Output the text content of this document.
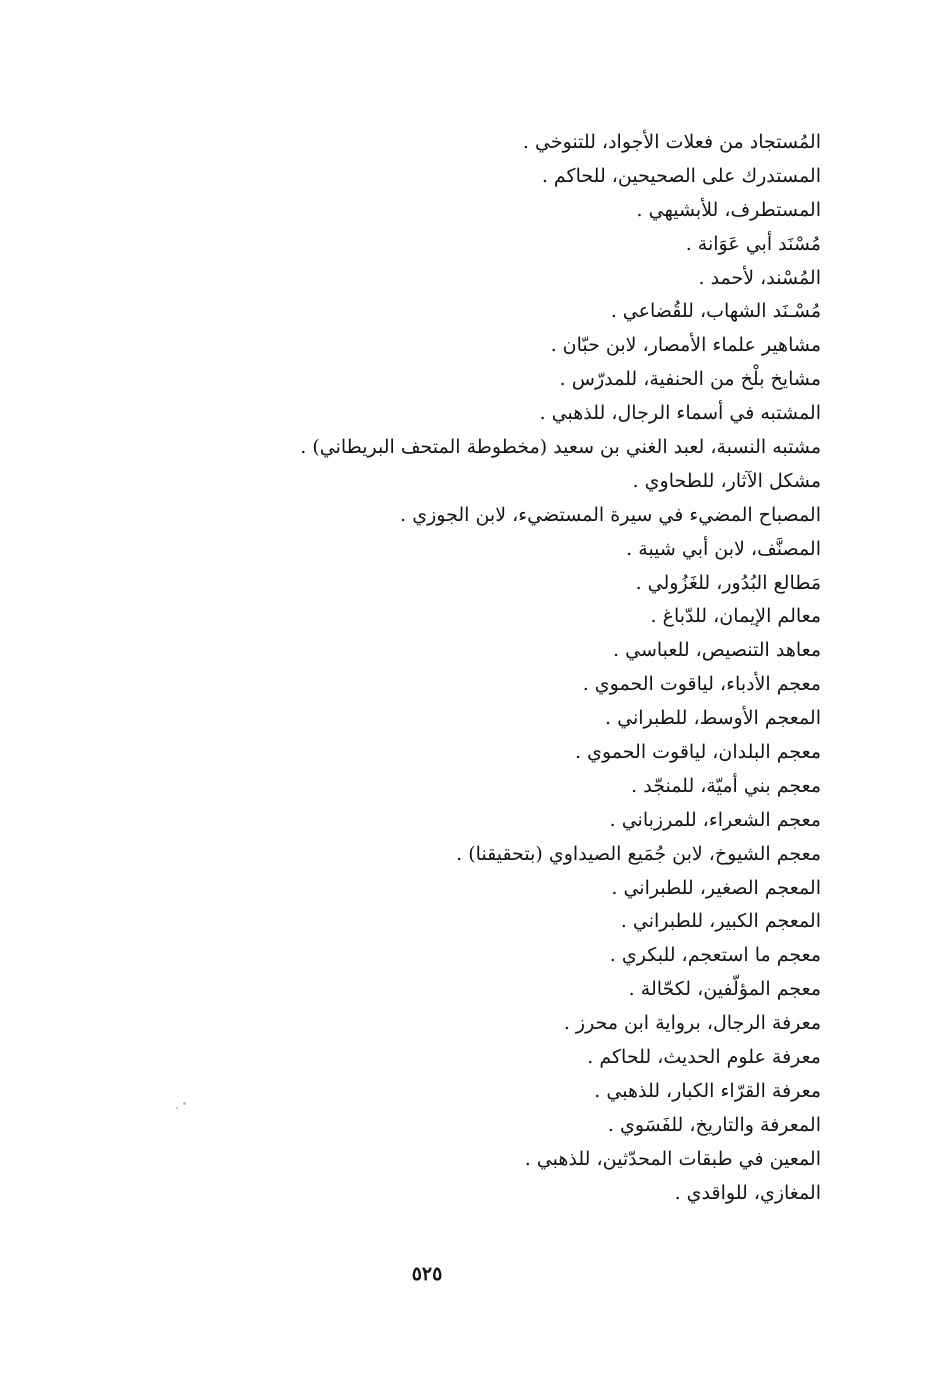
المُستجاد من فعلات الأجواد، للتنوخي .
المستدرك على الصحيحين، للحاكم .
المستطرف، للأبشيهي .
مُسْنَد أبي عَوَانة .
المُسْند، لأحمد .
مُسْـنَد الشهاب، للقُضاعي .
مشاهير علماء الأمصار، لابن حبّان .
مشايخ بلْخ من الحنفية، للمدرّس .
المشتبه في أسماء الرجال، للذهبي .
مشتبه النسبة، لعبد الغني بن سعيد (مخطوطة المتحف البريطاني) .
مشكل الآثار، للطحاوي .
المصباح المضيء في سيرة المستضيء، لابن الجوزي .
المصنَّف، لابن أبي شيبة .
مَطالع البُدُور، للغَزُولي .
معالم الإيمان، للدّباغ .
معاهد التنصيص، للعباسي .
معجم الأدباء، لياقوت الحموي .
المعجم الأوسط، للطبراني .
معجم البلدان، لياقوت الحموي .
معجم بني أميّة، للمنجّد .
معجم الشعراء، للمرزباني .
معجم الشيوخ، لابن جُمَيع الصيداوي (بتحقيقنا) .
المعجم الصغير، للطبراني .
المعجم الكبير، للطبراني .
معجم ما استعجم، للبكري .
معجم المؤلّفين، لكحّالة .
معرفة الرجال، برواية ابن محرز .
معرفة علوم الحديث، للحاكم .
معرفة القرّاء الكبار، للذهبي .
المعرفة والتاريخ، للفَسَوي .
المعين في طبقات المحدّثين، للذهبي .
المغازي، للواقدي .
٥٢٥
